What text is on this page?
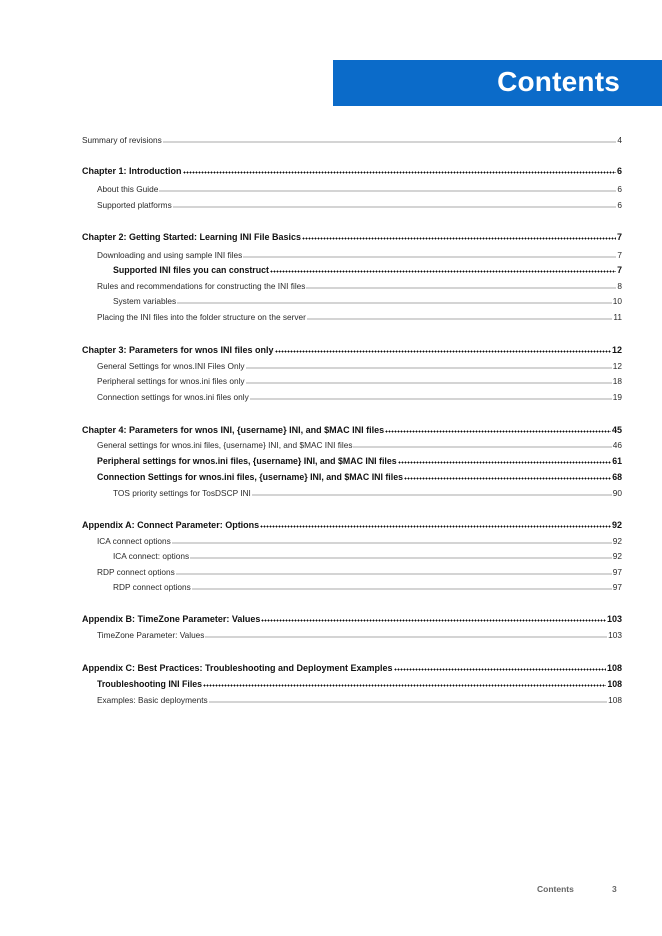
Contents
Summary of revisions	4
Chapter 1: Introduction	6
About this Guide	6
Supported platforms	6
Chapter 2: Getting Started: Learning INI File Basics	7
Downloading and using sample INI files	7
Supported INI files you can construct	7
Rules and recommendations for constructing the INI files	8
System variables	10
Placing the INI files into the folder structure on the server	11
Chapter 3: Parameters for wnos INI files only	12
General Settings for wnos.INI Files Only	12
Peripheral settings for wnos.ini files only	18
Connection settings for wnos.ini files only	19
Chapter 4: Parameters for wnos INI, {username} INI, and $MAC INI files	45
General settings for wnos.ini files, {username} INI, and $MAC INI files	46
Peripheral settings for wnos.ini files, {username} INI, and $MAC INI files	61
Connection Settings for wnos.ini files, {username} INI, and $MAC INI files	68
TOS priority settings for TosDSCP INI	90
Appendix A: Connect Parameter: Options	92
ICA connect options	92
ICA connect: options	92
RDP connect options	97
RDP connect options	97
Appendix B: TimeZone Parameter: Values	103
TimeZone Parameter: Values	103
Appendix C: Best Practices: Troubleshooting and Deployment Examples	108
Troubleshooting INI Files	108
Examples: Basic deployments	108
Contents	3
